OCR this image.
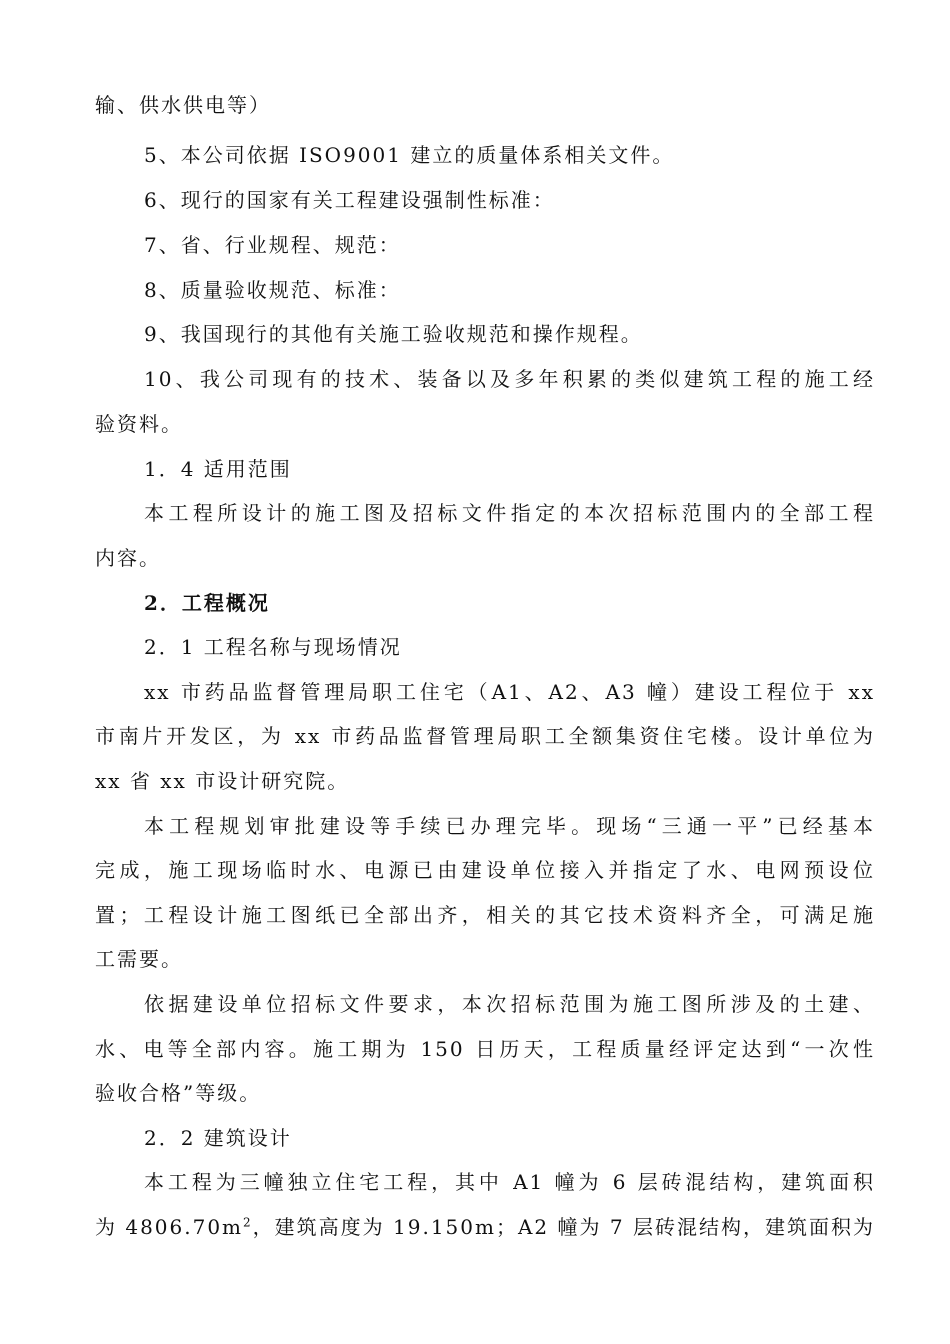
输、供水供电等）
5、本公司依据 ISO9001 建立的质量体系相关文件。
6、现行的国家有关工程建设强制性标准：
7、省、行业规程、规范：
8、质量验收规范、标准：
9、我国现行的其他有关施工验收规范和操作规程。
10、我公司现有的技术、装备以及多年积累的类似建筑工程的施工经
验资料。
1．4 适用范围
本工程所设计的施工图及招标文件指定的本次招标范围内的全部工程
内容。
2．工程概况
2．1 工程名称与现场情况
xx 市药品监督管理局职工住宅（A1、A2、A3 幢）建设工程位于 xx
市南片开发区，为 xx 市药品监督管理局职工全额集资住宅楼。设计单位为
xx 省 xx 市设计研究院。
本工程规划审批建设等手续已办理完毕。现场“三通一平”已经基本
完成，施工现场临时水、电源已由建设单位接入并指定了水、电网预设位
置；工程设计施工图纸已全部出齐，相关的其它技术资料齐全，可满足施
工需要。
依据建设单位招标文件要求，本次招标范围为施工图所涉及的土建、
水、电等全部内容。施工期为 150 日历天，工程质量经评定达到“一次性
验收合格”等级。
2．2 建筑设计
本工程为三幢独立住宅工程，其中 A1 幢为 6 层砖混结构，建筑面积
为 $4806.70m^2$，建筑高度为 19.150m；A2 幢为 7 层砖混结构，建筑面积为
